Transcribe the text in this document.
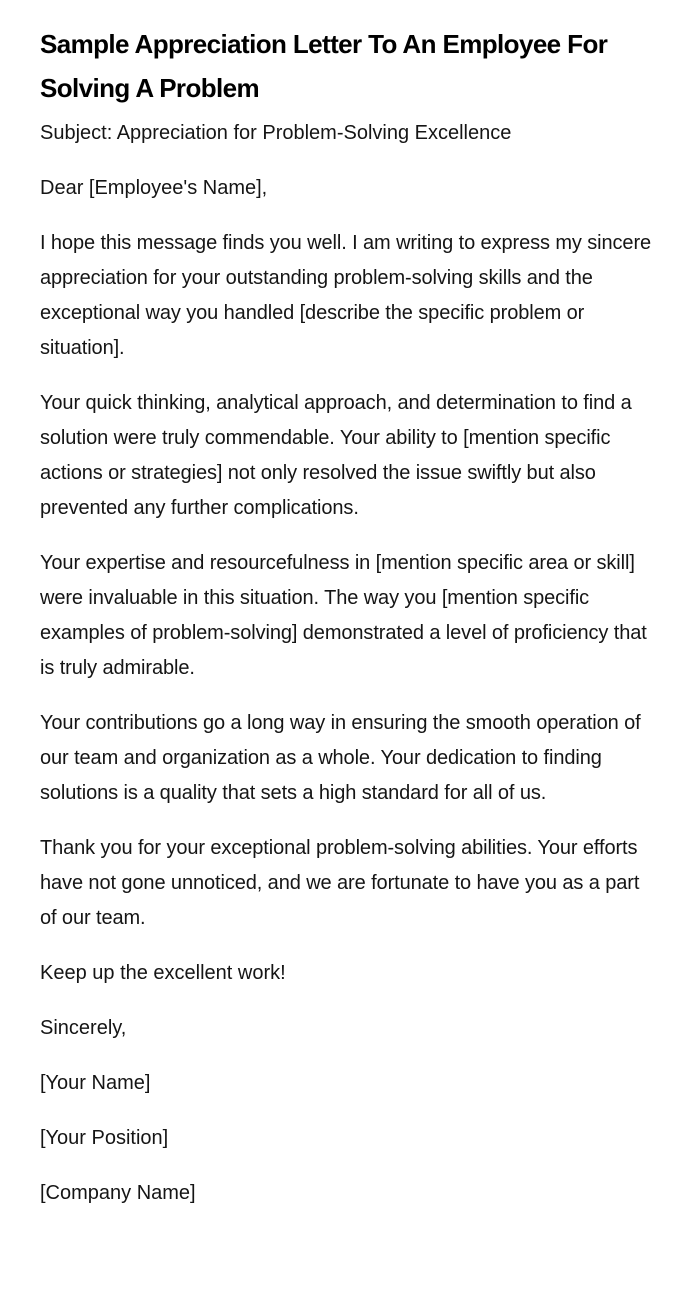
Sample Appreciation Letter To An Employee For Solving A Problem

Subject: Appreciation for Problem-Solving Excellence

Dear [Employee's Name],

I hope this message finds you well. I am writing to express my sincere appreciation for your outstanding problem-solving skills and the exceptional way you handled [describe the specific problem or situation].

Your quick thinking, analytical approach, and determination to find a solution were truly commendable. Your ability to [mention specific actions or strategies] not only resolved the issue swiftly but also prevented any further complications.

Your expertise and resourcefulness in [mention specific area or skill] were invaluable in this situation. The way you [mention specific examples of problem-solving] demonstrated a level of proficiency that is truly admirable.

Your contributions go a long way in ensuring the smooth operation of our team and organization as a whole. Your dedication to finding solutions is a quality that sets a high standard for all of us.

Thank you for your exceptional problem-solving abilities. Your efforts have not gone unnoticed, and we are fortunate to have you as a part of our team.

Keep up the excellent work!

Sincerely,

[Your Name]

[Your Position]

[Company Name]
